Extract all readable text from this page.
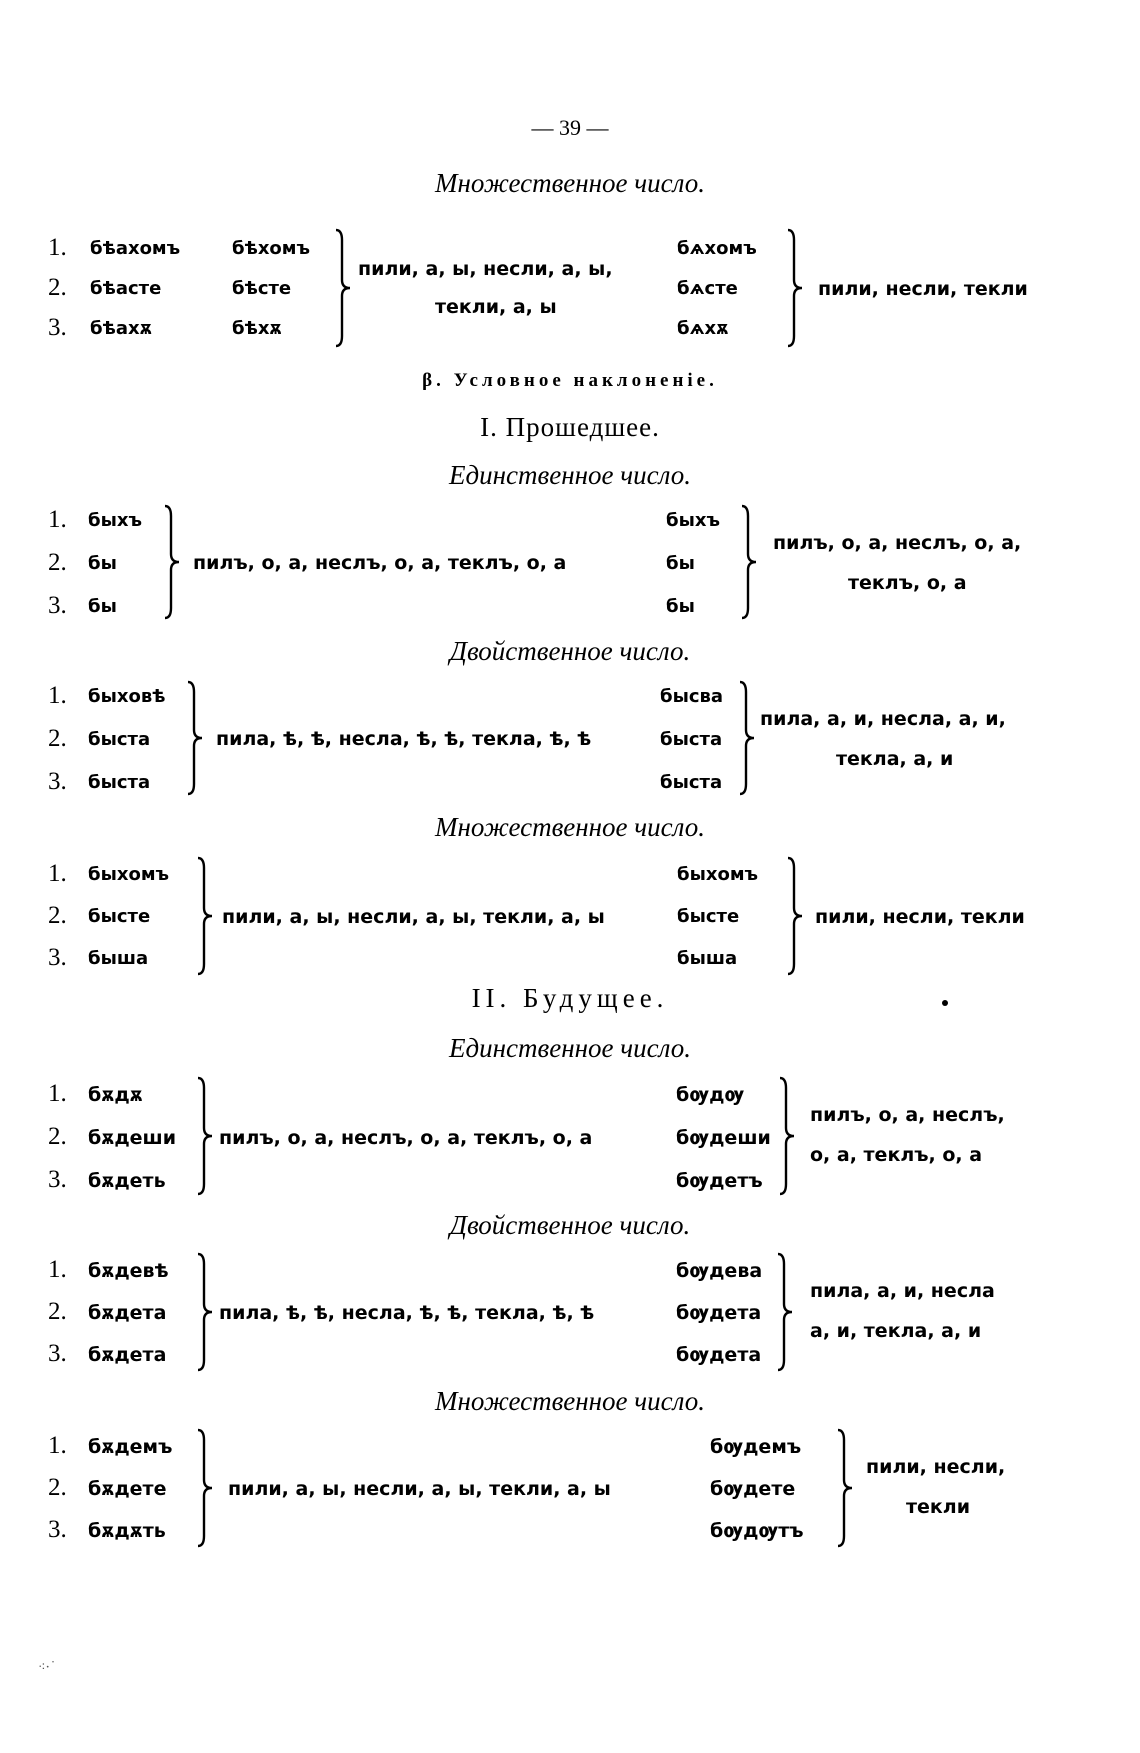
— 39 —
Множественное число.
1.
2.
3.
бѣахомъ
бѣасте
бѣахѫ
бѣхомъ
бѣсте
бѣхѫ
пили, а, ы, несли, а, ы,
текли, а, ы
бѧхомъ
бѧсте
бѧхѫ
пили, несли, текли
β. Условное наклоненіе.
I. Прошедшее.
Единственное число.
1.
2.
3.
быхъ
бы
бы
пилъ, о, а, неслъ, о, а, теклъ, о, а
быхъ
бы
бы
пилъ, о, а, неслъ, о, а,
теклъ, о, а
Двойственное число.
1.
2.
3.
быховѣ
быста
быста
пила, ѣ, ѣ, несла, ѣ, ѣ, текла, ѣ, ѣ
бысва
быста
быста
пила, а, и, несла, а, и,
текла, а, и
Множественное число.
1.
2.
3.
быхомъ
быстe
быша
пили, а, ы, несли, а, ы, текли, а, ы
быхомъ
быстe
быша
пили, несли, текли
II. Будущее.
Единственное число.
1.
2.
3.
бѫдѫ
бѫдеши
бѫдеть
пилъ, о, а, неслъ, о, а, теклъ, о, а
бѹдѹ
бѹдеши
бѹдетъ
пилъ, о, а, неслъ,
о, а, теклъ, о, а
Двойственное число.
1.
2.
3.
бѫдевѣ
бѫдета
бѫдета
пила, ѣ, ѣ, несла, ѣ, ѣ, текла, ѣ, ѣ
бѹдева
бѹдета
бѹдета
пила, а, и, несла
а, и, текла, а, и
Множественное число.
1.
2.
3.
бѫдемъ
бѫдете
бѫдѫть
пили, а, ы, несли, а, ы, текли, а, ы
бѹдемъ
бѹдете
бѹдѹтъ
пили, несли,
текли
⁖·˙
